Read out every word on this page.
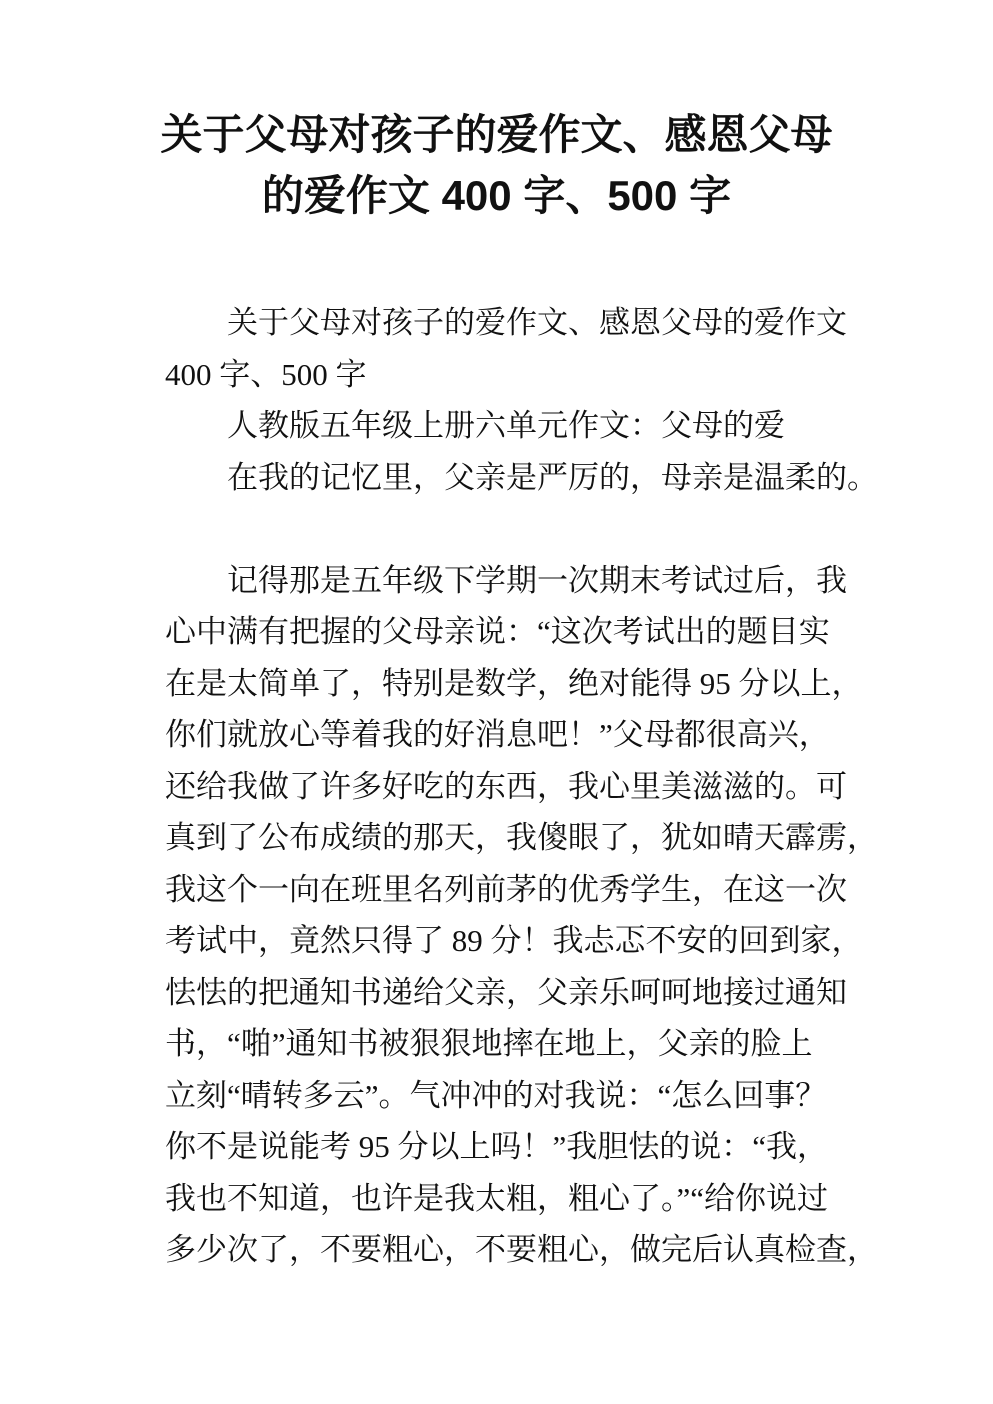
关于父母对孩子的爱作文、感恩父母
的爱作文 400 字、500 字
关于父母对孩子的爱作文、感恩父母的爱作文
400 字、500 字
人教版五年级上册六单元作文：父母的爱
在我的记忆里，父亲是严厉的，母亲是温柔的。

记得那是五年级下学期一次期末考试过后，我
心中满有把握的父母亲说：“这次考试出的题目实
在是太简单了，特别是数学，绝对能得 95 分以上，
你们就放心等着我的好消息吧！”父母都很高兴，
还给我做了许多好吃的东西，我心里美滋滋的。可
真到了公布成绩的那天，我傻眼了，犹如晴天霹雳，
我这个一向在班里名列前茅的优秀学生，在这一次
考试中，竟然只得了 89 分！我忐忑不安的回到家，
怯怯的把通知书递给父亲，父亲乐呵呵地接过通知
书，“啪”通知书被狠狠地摔在地上，父亲的脸上
立刻“晴转多云”。气冲冲的对我说：“怎么回事？
你不是说能考 95 分以上吗！”我胆怯的说：“我，
我也不知道，也许是我太粗，粗心了。”“给你说过
多少次了，不要粗心，不要粗心，做完后认真检查，
